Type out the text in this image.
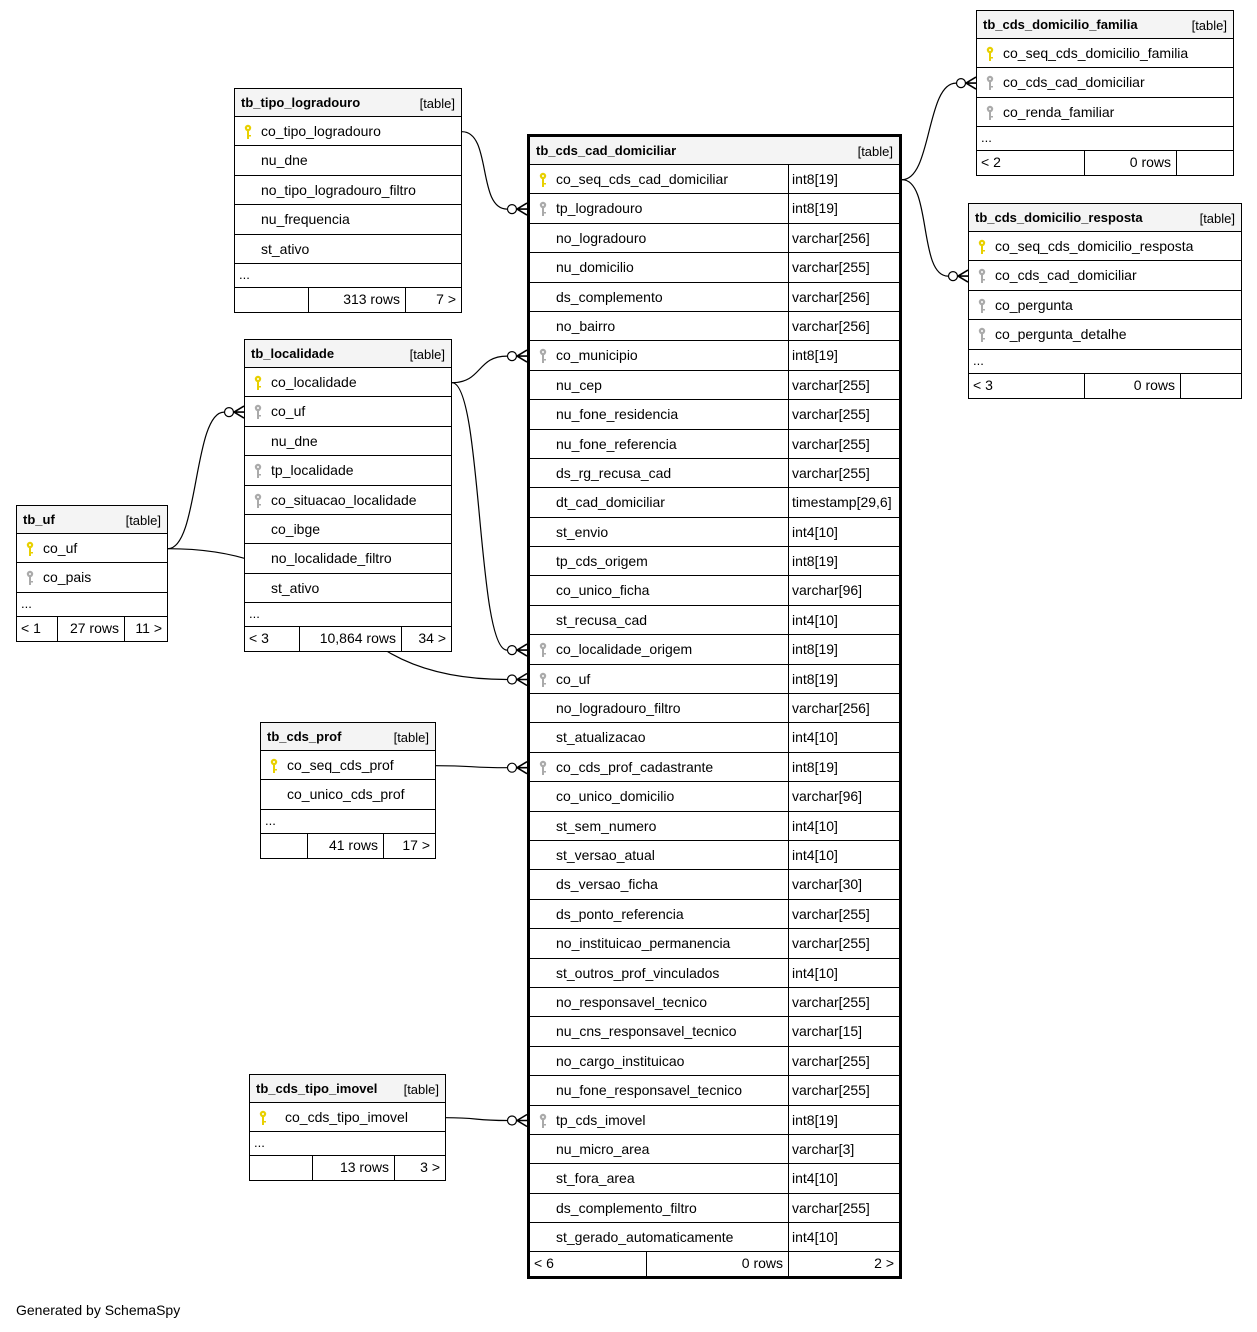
tb_tipo_logradouro	[table]
co_tipo_logradouro
nu_dne
no_tipo_logradouro_filtro
nu_frequencia
st_ativo
...
313 rows	7 >
tb_localidade	[table]
co_localidade
co_uf
nu_dne
tp_localidade
co_situacao_localidade
co_ibge
no_localidade_filtro
st_ativo
...
< 3	10,864 rows 34 >
tb_uf	[table]
co_uf
co_pais
...
< 1 27 rows 11 >
tb_cds_prof	[table]
co_seq_cds_prof
co_unico_cds_prof
...
41 rows 17 >
tb_cds_tipo_imovel [table]
co_cds_tipo_imovel
...
13 rows 3 >
tb_cds_cad_domiciliar	[table]
co_seq_cds_cad_domiciliar	int8[19]
tp_logradouro	int8[19]
no_logradouro	varchar[256]
nu_domicilio	varchar[255]
ds_complemento	varchar[256]
no_bairro	varchar[256]
co_municipio	int8[19]
nu_cep	varchar[255]
nu_fone_residencia	varchar[255]
nu_fone_referencia	varchar[255]
ds_rg_recusa_cad	varchar[255]
dt_cad_domiciliar	timestamp[29,6]
st_envio	int4[10]
tp_cds_origem	int8[19]
co_unico_ficha	varchar[96]
st_recusa_cad	int4[10]
co_localidade_origem	int8[19]
co_uf	int8[19]
no_logradouro_filtro	varchar[256]
st_atualizacao	int4[10]
co_cds_prof_cadastrante	int8[19]
co_unico_domicilio	varchar[96]
st_sem_numero	int4[10]
st_versao_atual	int4[10]
ds_versao_ficha	varchar[30]
ds_ponto_referencia	varchar[255]
no_instituicao_permanencia	varchar[255]
st_outros_prof_vinculados	int4[10]
no_responsavel_tecnico	varchar[255]
nu_cns_responsavel_tecnico	varchar[15]
no_cargo_instituicao	varchar[255]
nu_fone_responsavel_tecnico	varchar[255]
tp_cds_imovel	int8[19]
nu_micro_area	varchar[3]
st_fora_area	int4[10]
ds_complemento_filtro	varchar[255]
st_gerado_automaticamente	int4[10]
< 6	0 rows	2 >
tb_cds_domicilio_familia	[table]
co_seq_cds_domicilio_familia
co_cds_cad_domiciliar
co_renda_familiar
...
< 2	0 rows
tb_cds_domicilio_resposta	[table]
co_seq_cds_domicilio_resposta
co_cds_cad_domiciliar
co_pergunta
co_pergunta_detalhe
...
< 3	0 rows
Generated by SchemaSpy
